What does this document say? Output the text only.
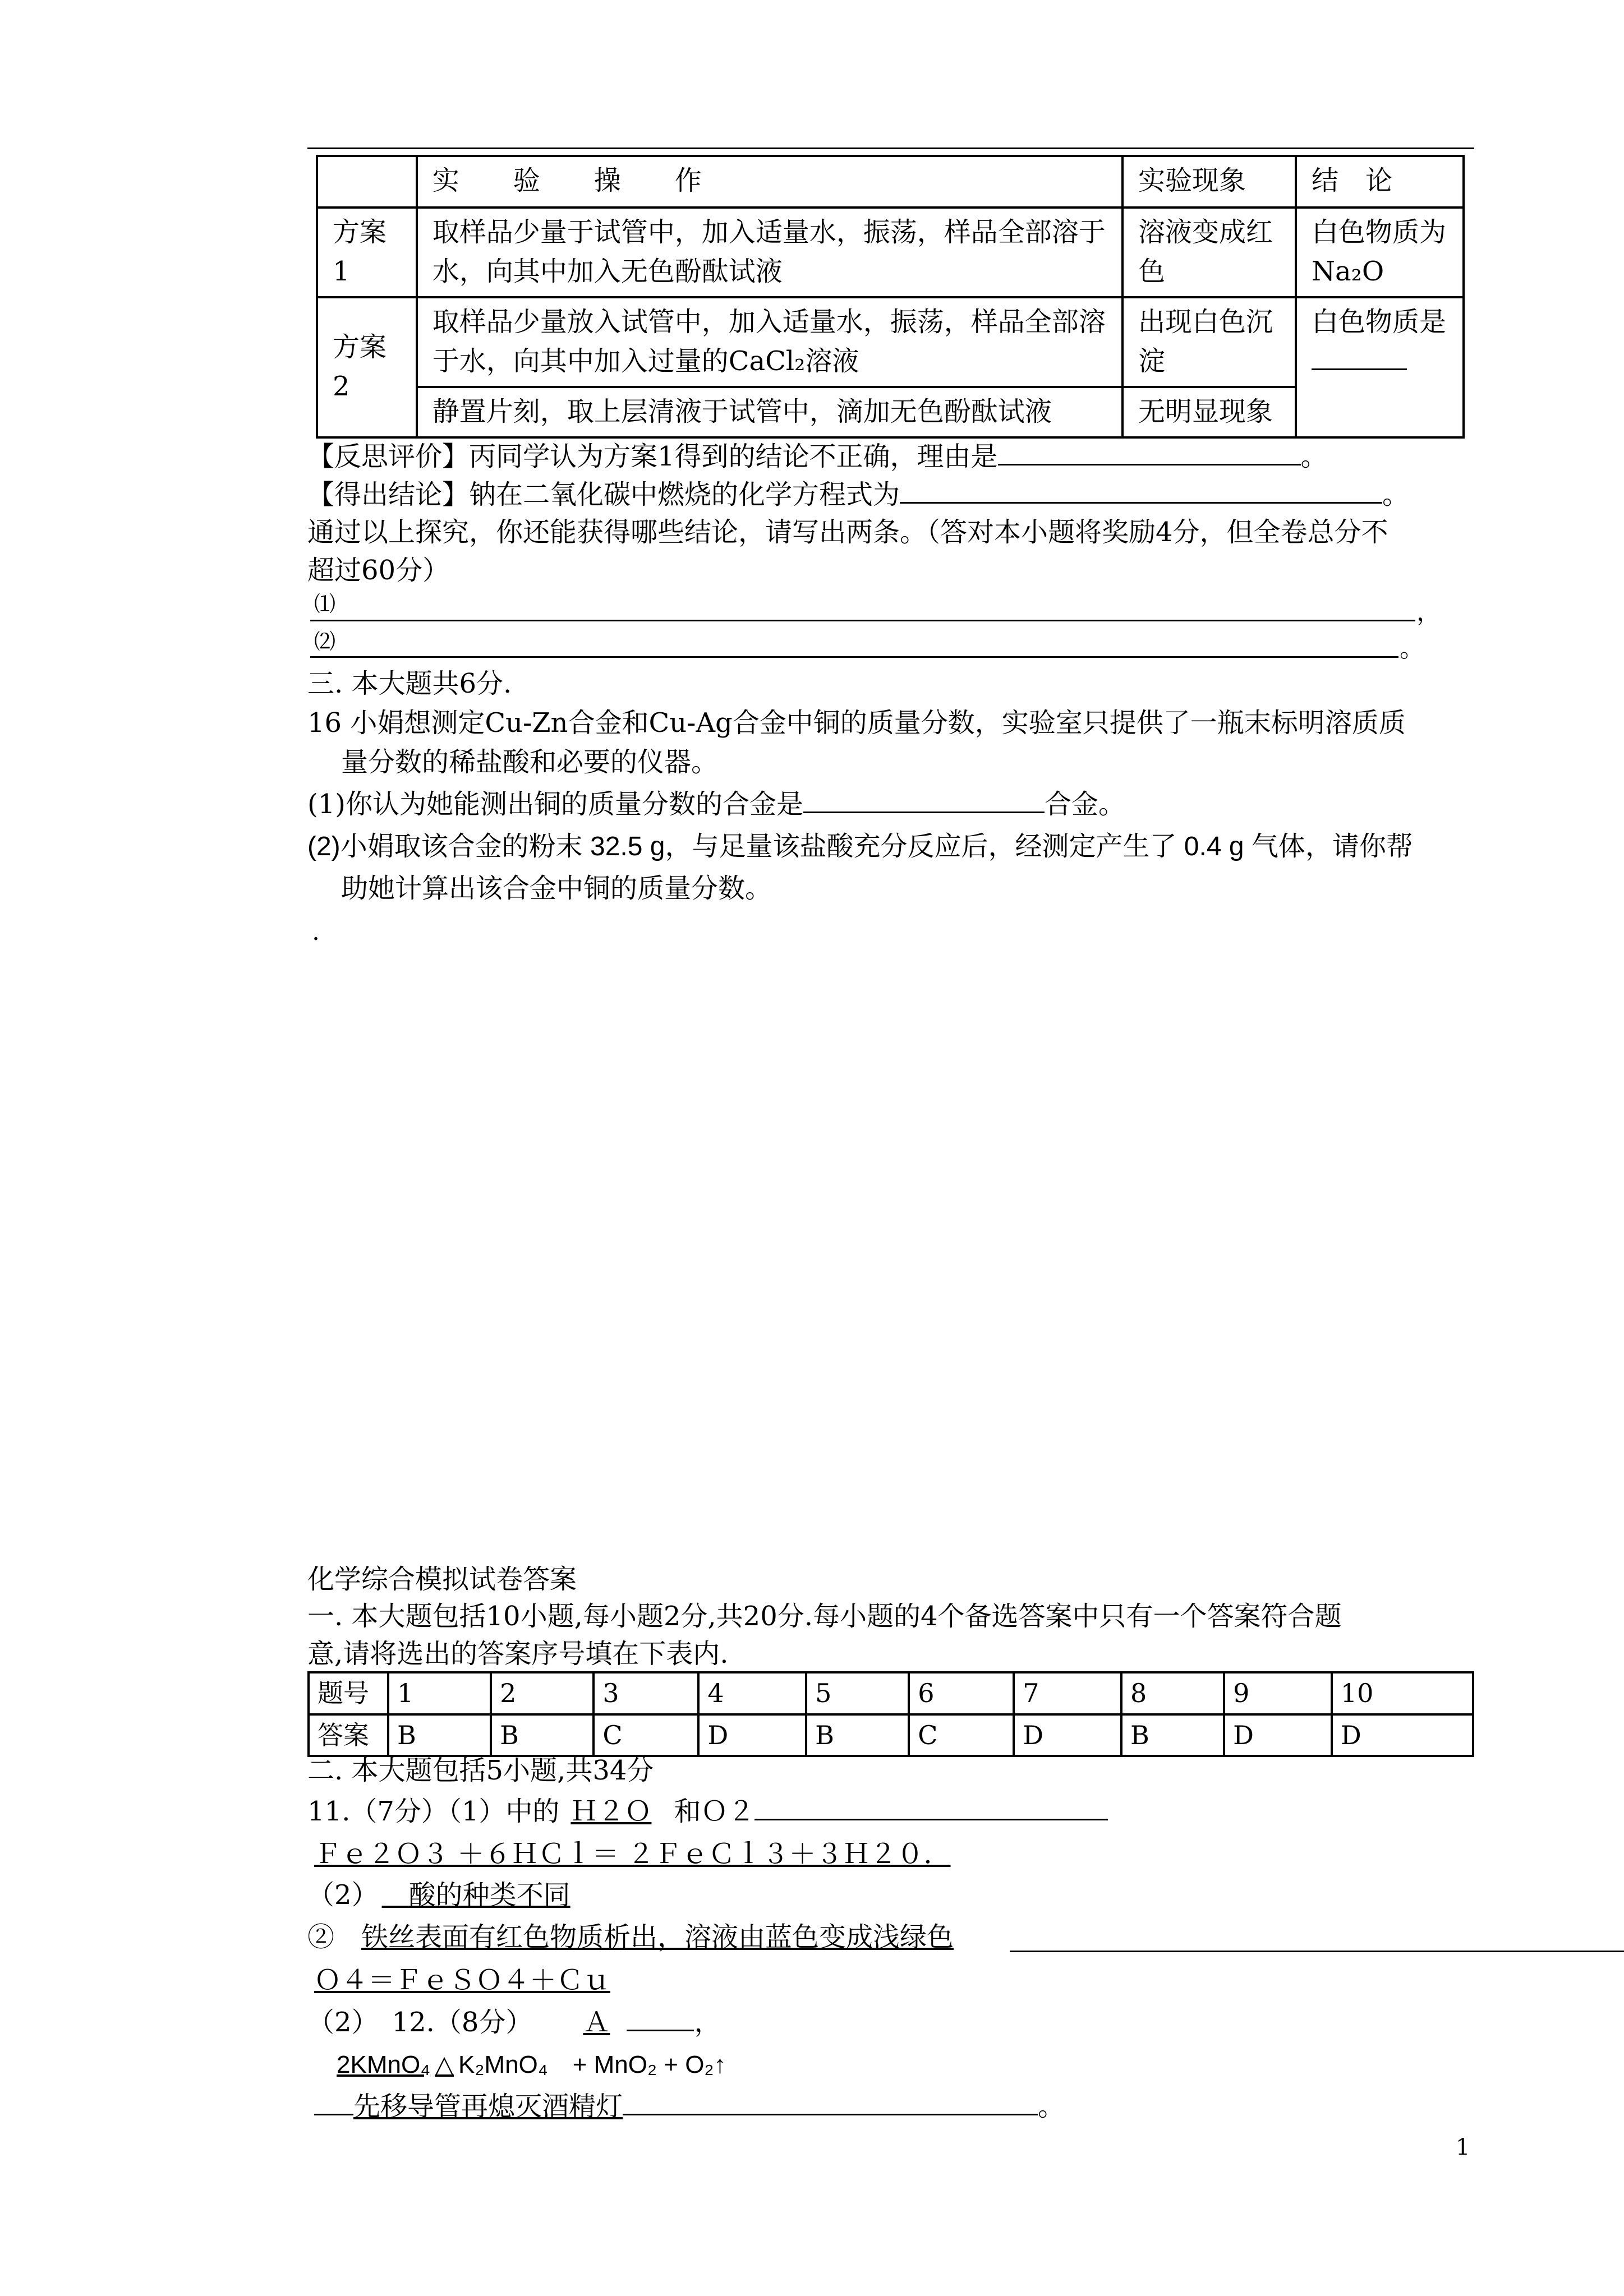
	实　　验　　操　　作	实验现象	结　论
方案1	取样品少量于试管中，加入适量水，振荡，样品全部溶于水，向其中加入无色酚酞试液	溶液变成红色	白色物质为Na₂O
方案2	取样品少量放入试管中，加入适量水，振荡，样品全部溶于水，向其中加入过量的CaCl₂溶液	出现白色沉淀	白色物质是
	静置片刻，取上层清液于试管中，滴加无色酚酞试液	无明显现象	
【反思评价】丙同学认为方案1得到的结论不正确，理由是	。
【得出结论】钠在二氧化碳中燃烧的化学方程式为	。
通过以上探究，你还能获得哪些结论，请写出两条。（答对本小题将奖励4分，但全卷总分不
超过60分）
⑴	，
⑵	。
三. 本大题共6分.
16 小娟想测定Cu-Zn合金和Cu-Ag合金中铜的质量分数，实验室只提供了一瓶末标明溶质质
量分数的稀盐酸和必要的仪器。
(1)你认为她能测出铜的质量分数的合金是	合金。
(2)小娟取该合金的粉末 32.5 g，与足量该盐酸充分反应后，经测定产生了 0.4 g 气体，请你帮
助她计算出该合金中铜的质量分数。
.
化学综合模拟试卷答案
一. 本大题包括10小题,每小题2分,共20分.每小题的4个备选答案中只有一个答案符合题
意,请将选出的答案序号填在下表内.
题号	1	2	3	4	5	6	7	8	9	10
答案	B	B	C	D	B	C	D	B	D	D
二. 本大题包括5小题,共34分
11.（7分）（1）中的 Ｈ２Ｏ 和Ｏ２
Ｆｅ２Ｏ３ ＋６ＨＣｌ＝ ２ＦｅＣｌ３＋３Ｈ２０．
（2）　 酸的种类不同
②　 铁丝表面有红色物质析出，溶液由蓝色变成浅绿色
Ｏ４＝ＦｅＳＯ４＋Ｃｕ
（2）　12.（8分） Ａ	，
2KMnO₄ △ K₂MnO₄　+ MnO₂ + O₂↑
先移导管再熄灭酒精灯	。
1
